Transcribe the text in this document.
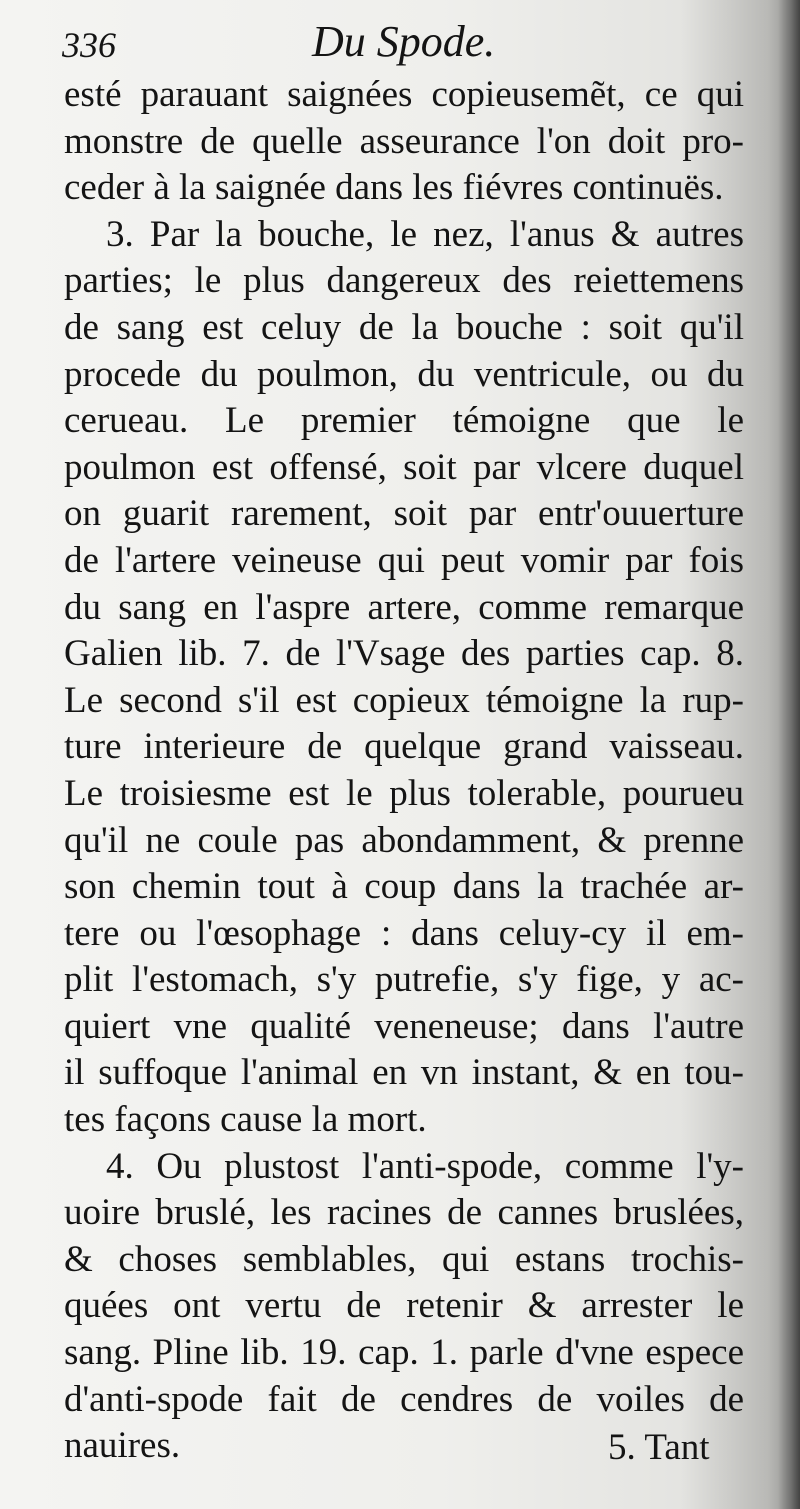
336	Du Spode.
esté parauant saignées copieusemẽt, ce qui
monstre de quelle asseurance l'on doit pro-
ceder à la saignée dans les fiévres continuës.
3. Par la bouche, le nez, l'anus & autres
parties; le plus dangereux des reiettemens
de sang est celuy de la bouche : soit qu'il
procede du poulmon, du ventricule, ou du
cerueau. Le premier témoigne que le
poulmon est offensé, soit par vlcere duquel
on guarit rarement, soit par entr'ouuerture
de l'artere veineuse qui peut vomir par fois
du sang en l'aspre artere, comme remarque
Galien lib. 7. de l'Vsage des parties cap. 8.
Le second s'il est copieux témoigne la rup-
ture interieure de quelque grand vaisseau.
Le troisiesme est le plus tolerable, pourueu
qu'il ne coule pas abondamment, & prenne
son chemin tout à coup dans la trachée ar-
tere ou l'œsophage : dans celuy-cy il em-
plit l'estomach, s'y putrefie, s'y fige, y ac-
quiert vne qualité veneneuse; dans l'autre
il suffoque l'animal en vn instant, & en tou-
tes façons cause la mort.
4. Ou plustost l'anti-spode, comme l'y-
uoire bruslé, les racines de cannes bruslées,
& choses semblables, qui estans trochis-
quées ont vertu de retenir & arrester le
sang. Pline lib. 19. cap. 1. parle d'vne espece
d'anti-spode fait de cendres de voiles de
nauires.	5. Tant
